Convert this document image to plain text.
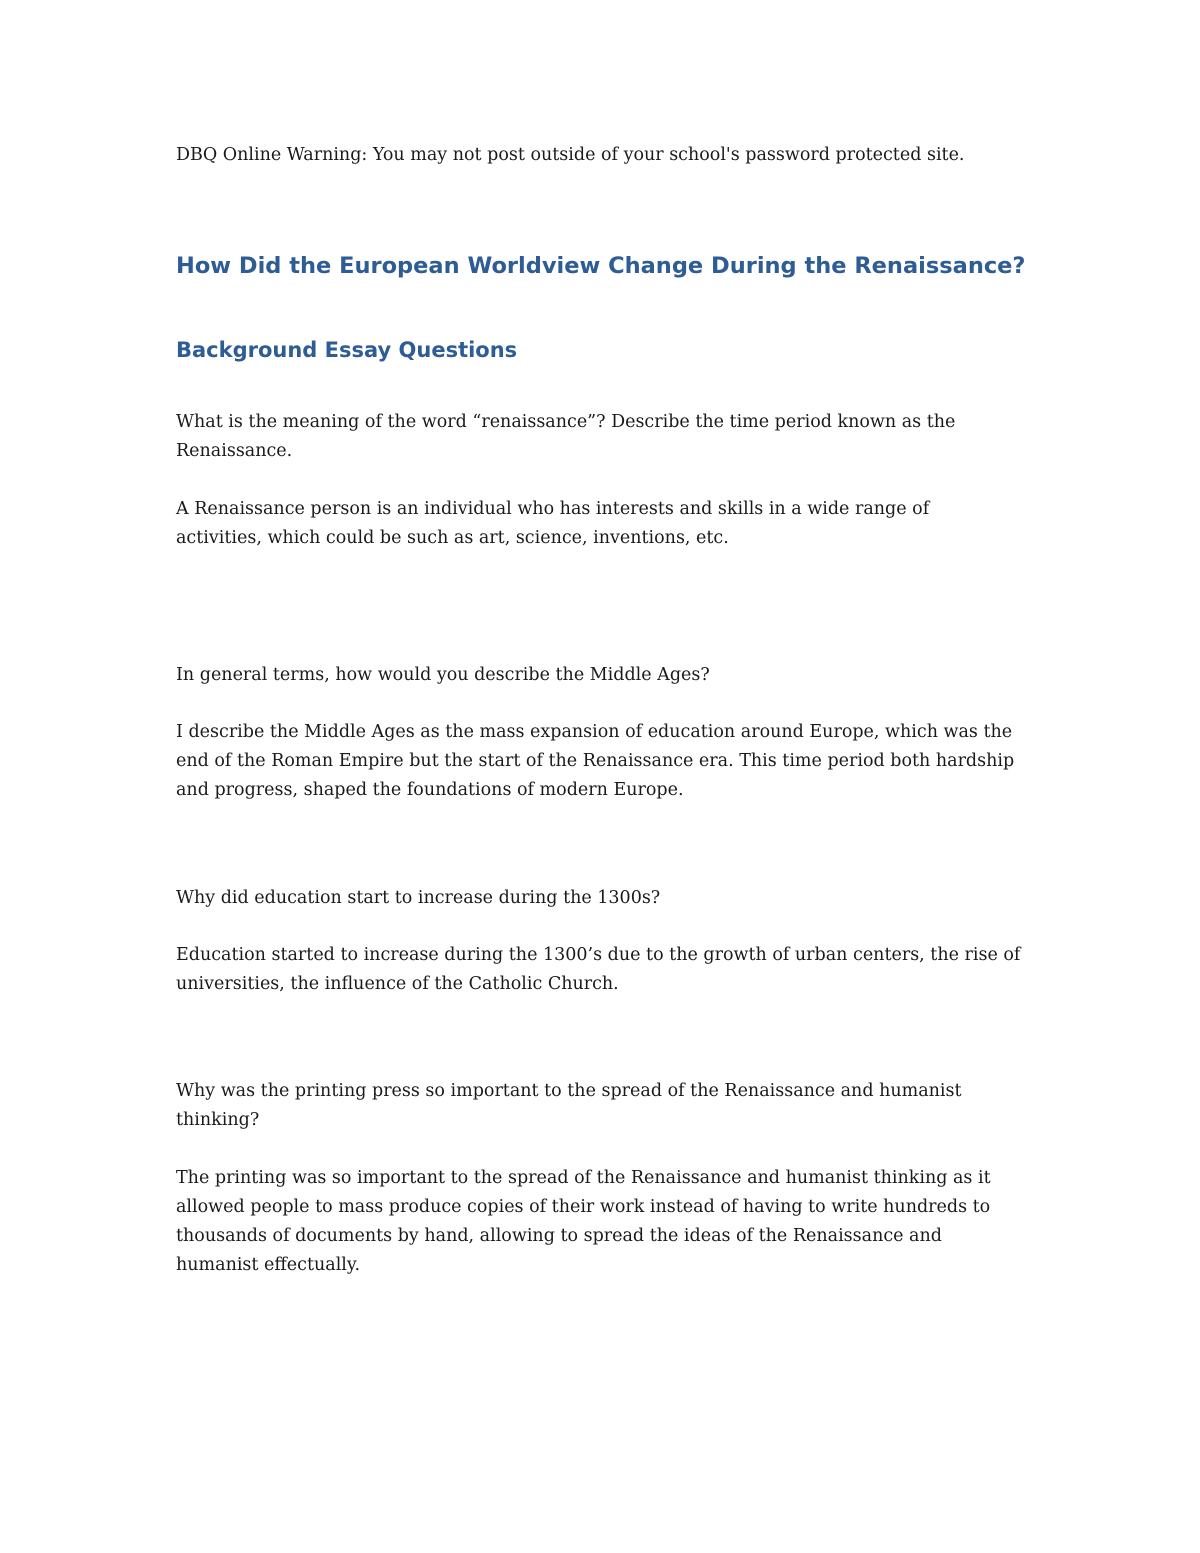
DBQ Online Warning: You may not post outside of your school's password protected site.

How Did the European Worldview Change During the Renaissance?
Background Essay Questions

What is the meaning of the word “renaissance”? Describe the time period known as the Renaissance.

A Renaissance person is an individual who has interests and skills in a wide range of activities, which could be such as art, science, inventions, etc.

In general terms, how would you describe the Middle Ages?

I describe the Middle Ages as the mass expansion of education around Europe, which was the end of the Roman Empire but the start of the Renaissance era. This time period both hardship and progress, shaped the foundations of modern Europe.

Why did education start to increase during the 1300s?

Education started to increase during the 1300’s due to the growth of urban centers, the rise of universities, the influence of the Catholic Church.

Why was the printing press so important to the spread of the Renaissance and humanist thinking?

The printing was so important to the spread of the Renaissance and humanist thinking as it allowed people to mass produce copies of their work instead of having to write hundreds to thousands of documents by hand, allowing to spread the ideas of the Renaissance and humanist effectually.
